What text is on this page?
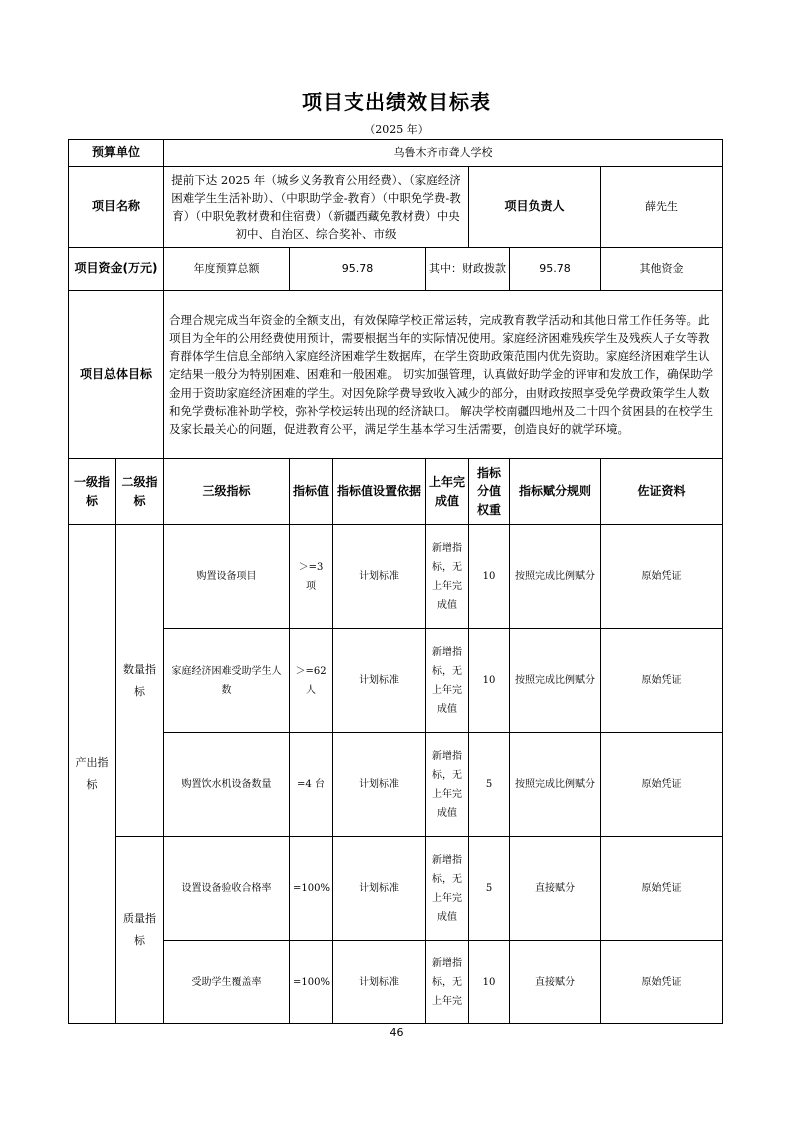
项目支出绩效目标表
（2025 年）
预算单位		乌鲁木齐市聋人学校							
项目名称		提前下达 2025 年（城乡义务教育公用经费）、（家庭经济困难学生生活补助）、（中职助学金-教育）（中职免学费-教育）（中职免教材费和住宿费）（新疆西藏免教材费）中央初中、自治区、综合奖补、市级				项目负责人		薛先生	
项目资金(万元)		年度预算总额	95.78		其中：财政拨款		95.78	其他资金	
项目总体目标		合理合规完成当年资金的全额支出，有效保障学校正常运转，完成教育教学活动和其他日常工作任务等。此项目为全年的公用经费使用预计，需要根据当年的实际情况使用。家庭经济困难残疾学生及残疾人子女等教育群体学生信息全部纳入家庭经济困难学生数据库，在学生资助政策范围内优先资助。家庭经济困难学生认定结果一般分为特别困难、困难和一般困难。 切实加强管理，认真做好助学金的评审和发放工作，确保助学金用于资助家庭经济困难的学生。对因免除学费导致收入减少的部分，由财政按照享受免学费政策学生人数和免学费标准补助学校，弥补学校运转出现的经济缺口。 解决学校南疆四地州及二十四个贫困县的在校学生及家长最关心的问题，促进教育公平，满足学生基本学习生活需要，创造良好的就学环境。							
一级指标	二级指标	三级指标	指标值	指标值设置依据	上年完成值	指标分值权重	指标赋分规则	佐证资料	
产出指标	数量指标	购置设备项目	＞=3 项	计划标准	新增指标，无上年完成值	10	按照完成比例赋分	原始凭证	
		家庭经济困难受助学生人数	＞=62 人	计划标准	新增指标，无上年完成值	10	按照完成比例赋分	原始凭证	
		购置饮水机设备数量	=4 台	计划标准	新增指标，无上年完成值	5	按照完成比例赋分	原始凭证	
	质量指标	设置设备验收合格率	=100%	计划标准	新增指标，无上年完成值	5	直接赋分	原始凭证	
		受助学生覆盖率	=100%	计划标准	新增指标，无上年完	10	直接赋分	原始凭证	
46
